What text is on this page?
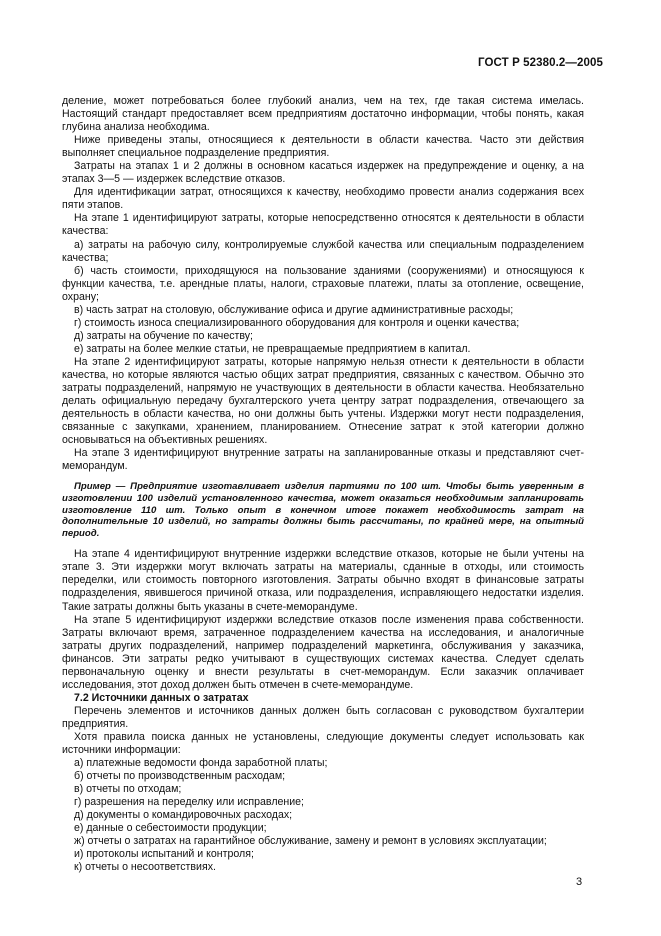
ГОСТ Р 52380.2—2005

деление, может потребоваться более глубокий анализ, чем на тех, где такая система имелась. Настоящий стандарт предоставляет всем предприятиям достаточно информации, чтобы понять, какая глубина анализа необходима.

Ниже приведены этапы, относящиеся к деятельности в области качества. Часто эти действия выполняет специальное подразделение предприятия.

Затраты на этапах 1 и 2 должны в основном касаться издержек на предупреждение и оценку, а на этапах 3—5 — издержек вследствие отказов.

Для идентификации затрат, относящихся к качеству, необходимо провести анализ содержания всех пяти этапов.

На этапе 1 идентифицируют затраты, которые непосредственно относятся к деятельности в области качества:

а) затраты на рабочую силу, контролируемые службой качества или специальным подразделением качества;

б) часть стоимости, приходящуюся на пользование зданиями (сооружениями) и относящуюся к функции качества, т.е. арендные платы, налоги, страховые платежи, платы за отопление, освещение, охрану;

в) часть затрат на столовую, обслуживание офиса и другие административные расходы;

г) стоимость износа специализированного оборудования для контроля и оценки качества;

д) затраты на обучение по качеству;

е) затраты на более мелкие статьи, не превращаемые предприятием в капитал.

На этапе 2 идентифицируют затраты, которые напрямую нельзя отнести к деятельности в области качества, но которые являются частью общих затрат предприятия, связанных с качеством. Обычно это затраты подразделений, напрямую не участвующих в деятельности в области качества. Необязательно делать официальную передачу бухгалтерского учета центру затрат подразделения, отвечающего за деятельность в области качества, но они должны быть учтены. Издержки могут нести подразделения, связанные с закупками, хранением, планированием. Отнесение затрат к этой категории должно основываться на объективных решениях.

На этапе 3 идентифицируют внутренние затраты на запланированные отказы и представляют счет-меморандум.

Пример — Предприятие изготавливает изделия партиями по 100 шт. Чтобы быть уверенным в изготовлении 100 изделий установленного качества, может оказаться необходимым запланировать изготовление 110 шт. Только опыт в конечном итоге покажет необходимость затрат на дополнительные 10 изделий, но затраты должны быть рассчитаны, по крайней мере, на опытный период.

На этапе 4 идентифицируют внутренние издержки вследствие отказов, которые не были учтены на этапе 3. Эти издержки могут включать затраты на материалы, сданные в отходы, или стоимость переделки, или стоимость повторного изготовления. Затраты обычно входят в финансовые затраты подразделения, явившегося причиной отказа, или подразделения, исправляющего недостатки изделия. Такие затраты должны быть указаны в счете-меморандуме.

На этапе 5 идентифицируют издержки вследствие отказов после изменения права собственности. Затраты включают время, затраченное подразделением качества на исследования, и аналогичные затраты других подразделений, например подразделений маркетинга, обслуживания у заказчика, финансов. Эти затраты редко учитывают в существующих системах качества. Следует сделать первоначальную оценку и внести результаты в счет-меморандум. Если заказчик оплачивает исследования, этот доход должен быть отмечен в счете-меморандуме.

7.2 Источники данных о затратах

Перечень элементов и источников данных должен быть согласован с руководством бухгалтерии предприятия.

Хотя правила поиска данных не установлены, следующие документы следует использовать как источники информации:

а) платежные ведомости фонда заработной платы;

б) отчеты по производственным расходам;

в) отчеты по отходам;

г) разрешения на переделку или исправление;

д) документы о командировочных расходах;

е) данные о себестоимости продукции;

ж) отчеты о затратах на гарантийное обслуживание, замену и ремонт в условиях эксплуатации;

и) протоколы испытаний и контроля;

к) отчеты о несоответствиях.

3
